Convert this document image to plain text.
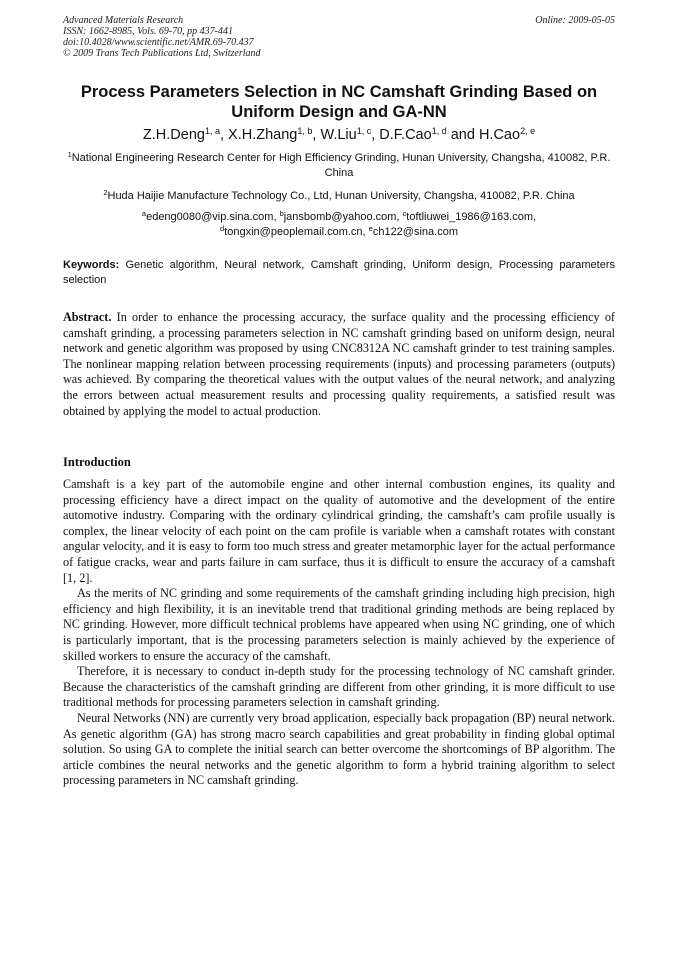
Advanced Materials Research
ISSN: 1662-8985, Vols. 69-70, pp 437-441
doi:10.4028/www.scientific.net/AMR.69-70.437
© 2009 Trans Tech Publications Ltd, Switzerland
Online: 2009-05-05
Process Parameters Selection in NC Camshaft Grinding Based on Uniform Design and GA-NN
Z.H.Deng$^{1, a}$, X.H.Zhang$^{1, b}$, W.Liu$^{1, c}$, D.F.Cao$^{1, d}$ and H.Cao$^{2, e}$
$^1$National Engineering Research Center for High Efficiency Grinding, Hunan University, Changsha, 410082, P.R. China
$^2$Huda Haijie Manufacture Technology Co., Ltd, Hunan University, Changsha, 410082, P.R. China
$^a$edeng0080@vip.sina.com, $^b$jansbomb@yahoo.com, $^c$toftliuwei_1986@163.com,
$^d$tongxin@peoplemail.com.cn, $^e$ch122@sina.com
Keywords: Genetic algorithm, Neural network, Camshaft grinding, Uniform design, Processing parameters selection
Abstract. In order to enhance the processing accuracy, the surface quality and the processing efficiency of camshaft grinding, a processing parameters selection in NC camshaft grinding based on uniform design, neural network and genetic algorithm was proposed by using CNC8312A NC camshaft grinder to test training samples. The nonlinear mapping relation between processing requirements (inputs) and processing parameters (outputs) was achieved. By comparing the theoretical values with the output values of the neural network, and analyzing the errors between actual measurement results and processing quality requirements, a satisfied result was obtained by applying the model to actual production.
Introduction

Camshaft is a key part of the automobile engine and other internal combustion engines, its quality and processing efficiency have a direct impact on the quality of automotive and the development of the entire automotive industry. Comparing with the ordinary cylindrical grinding, the camshaft’s cam profile usually is complex, the linear velocity of each point on the cam profile is variable when a camshaft rotates with constant angular velocity, and it is easy to form too much stress and greater metamorphic layer for the actual performance of fatigue cracks, wear and parts failure in cam surface, thus it is difficult to ensure the accuracy of a camshaft [1, 2].

As the merits of NC grinding and some requirements of the camshaft grinding including high precision, high efficiency and high flexibility, it is an inevitable trend that traditional grinding methods are being replaced by NC grinding. However, more difficult technical problems have appeared when using NC grinding, one of which is particularly important, that is the processing parameters selection is mainly achieved by the experience of skilled workers to ensure the accuracy of the camshaft.

Therefore, it is necessary to conduct in-depth study for the processing technology of NC camshaft grinder. Because the characteristics of the camshaft grinding are different from other grinding, it is more difficult to use traditional methods for processing parameters selection in camshaft grinding.

Neural Networks (NN) are currently very broad application, especially back propagation (BP) neural network. As genetic algorithm (GA) has strong macro search capabilities and great probability in finding global optimal solution. So using GA to complete the initial search can better overcome the shortcomings of BP algorithm. The article combines the neural networks and the genetic algorithm to form a hybrid training algorithm to select processing parameters in NC camshaft grinding.
